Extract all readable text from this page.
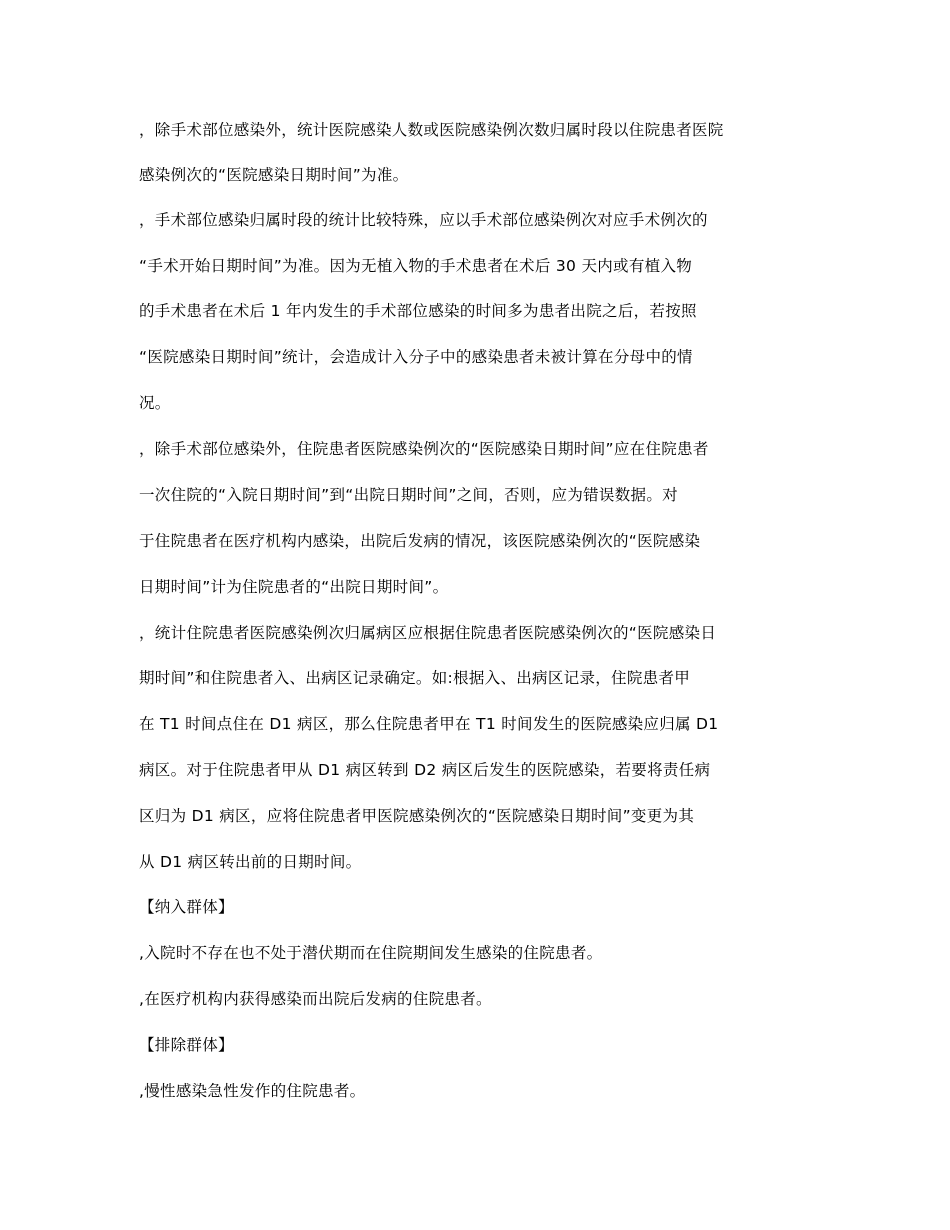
，除手术部位感染外，统计医院感染人数或医院感染例次数归属时段以住院患者医院
感染例次的“医院感染日期时间”为准。
，手术部位感染归属时段的统计比较特殊，应以手术部位感染例次对应手术例次的
“手术开始日期时间”为准。因为无植入物的手术患者在术后 30 天内或有植入物
的手术患者在术后 1 年内发生的手术部位感染的时间多为患者出院之后，若按照
“医院感染日期时间”统计，会造成计入分子中的感染患者未被计算在分母中的情
况。
，除手术部位感染外，住院患者医院感染例次的“医院感染日期时间”应在住院患者
一次住院的“入院日期时间”到“出院日期时间”之间，否则，应为错误数据。对
于住院患者在医疗机构内感染，出院后发病的情况，该医院感染例次的“医院感染
日期时间”计为住院患者的“出院日期时间”。
，统计住院患者医院感染例次归属病区应根据住院患者医院感染例次的“医院感染日
期时间”和住院患者入、出病区记录确定。如:根据入、出病区记录，住院患者甲
在 T1 时间点住在 D1 病区，那么住院患者甲在 T1 时间发生的医院感染应归属 D1
病区。对于住院患者甲从 D1 病区转到 D2 病区后发生的医院感染，若要将责任病
区归为 D1 病区，应将住院患者甲医院感染例次的“医院感染日期时间”变更为其
从 D1 病区转出前的日期时间。
【纳入群体】
,入院时不存在也不处于潜伏期而在住院期间发生感染的住院患者。
,在医疗机构内获得感染而出院后发病的住院患者。
【排除群体】
,慢性感染急性发作的住院患者。
